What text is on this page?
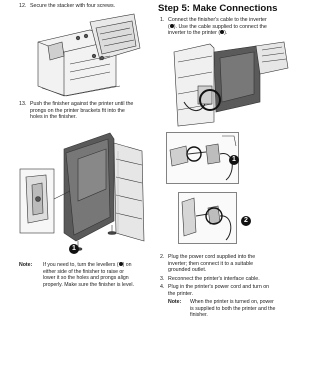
12. Secure the stacker with four screws.
13. Push the finisher against the printer until the
prongs on the printer brackets fit into the
holes in the finisher.
1
Note: If you need to, turn the levellers ( ) on
either side of the finisher to raise or
lower it so the holes and prongs align
properly. Make sure the finisher is level.
Step 5: Make Connections
1. Connect the finisher's cable to the inverter
( ). Use the cable supplied to connect the
inverter to the printer ( ).
1
2
2. Plug the power cord supplied into the
inverter; then connect it to a suitable
grounded outlet.
3. Reconnect the printer's interface cable.
4. Plug in the printer's power cord and turn on
the printer.
Note: When the printer is turned on, power
is supplied to both the printer and the
finisher.
